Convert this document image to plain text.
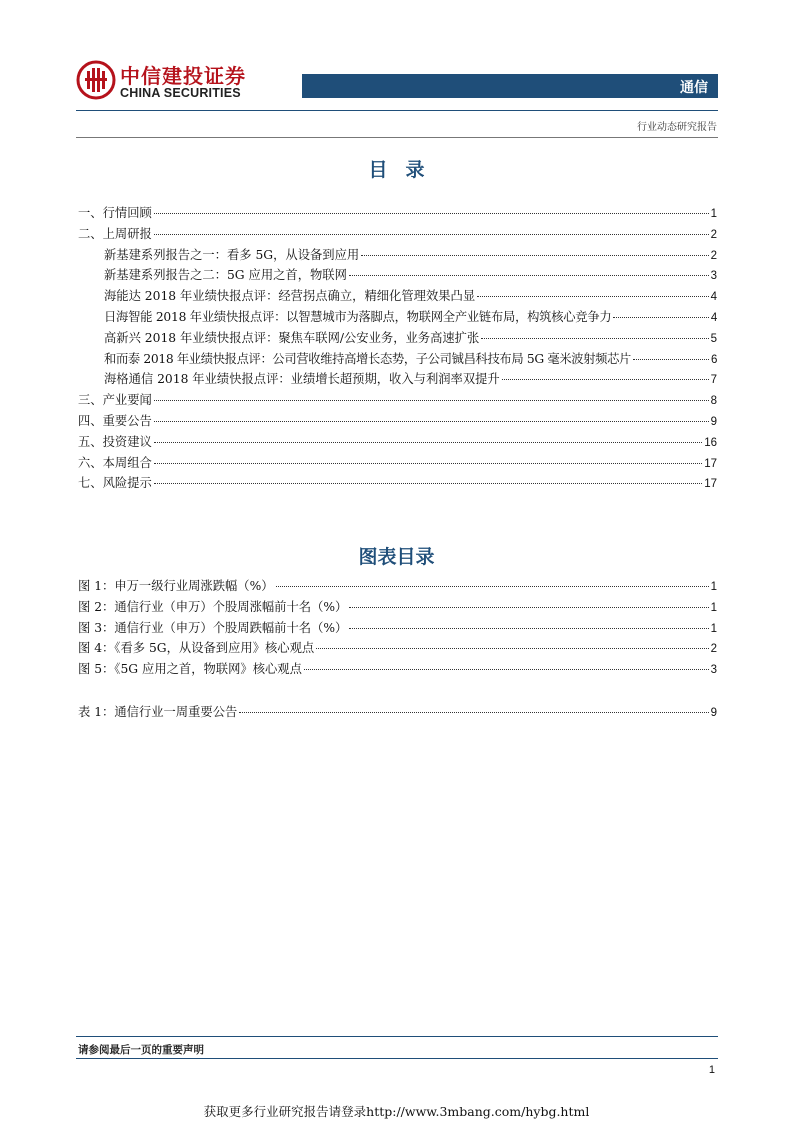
中信建投证券
CHINA SECURITIES	通信
行业动态研究报告
目录
一、行情回顾	1
二、上周研报	2
新基建系列报告之一：看多 5G，从设备到应用	2
新基建系列报告之二：5G 应用之首，物联网	3
海能达 2018 年业绩快报点评：经营拐点确立，精细化管理效果凸显	4
日海智能 2018 年业绩快报点评：以智慧城市为落脚点，物联网全产业链布局，构筑核心竞争力	4
高新兴 2018 年业绩快报点评：聚焦车联网/公安业务，业务高速扩张	5
和而泰 2018 年业绩快报点评：公司营收维持高增长态势，子公司铖昌科技布局 5G 毫米波射频芯片	6
海格通信 2018 年业绩快报点评：业绩增长超预期，收入与利润率双提升	7
三、产业要闻	8
四、重要公告	9
五、投资建议	16
六、本周组合	17
七、风险提示	17
图表目录
图 1：申万一级行业周涨跌幅（%）	1
图 2：通信行业（申万）个股周涨幅前十名（%）	1
图 3：通信行业（申万）个股周跌幅前十名（%）	1
图 4：《看多 5G，从设备到应用》核心观点	2
图 5：《5G 应用之首，物联网》核心观点	3
表 1：通信行业一周重要公告	9
请参阅最后一页的重要声明
1
获取更多行业研究报告请登录http://www.3mbang.com/hybg.html
